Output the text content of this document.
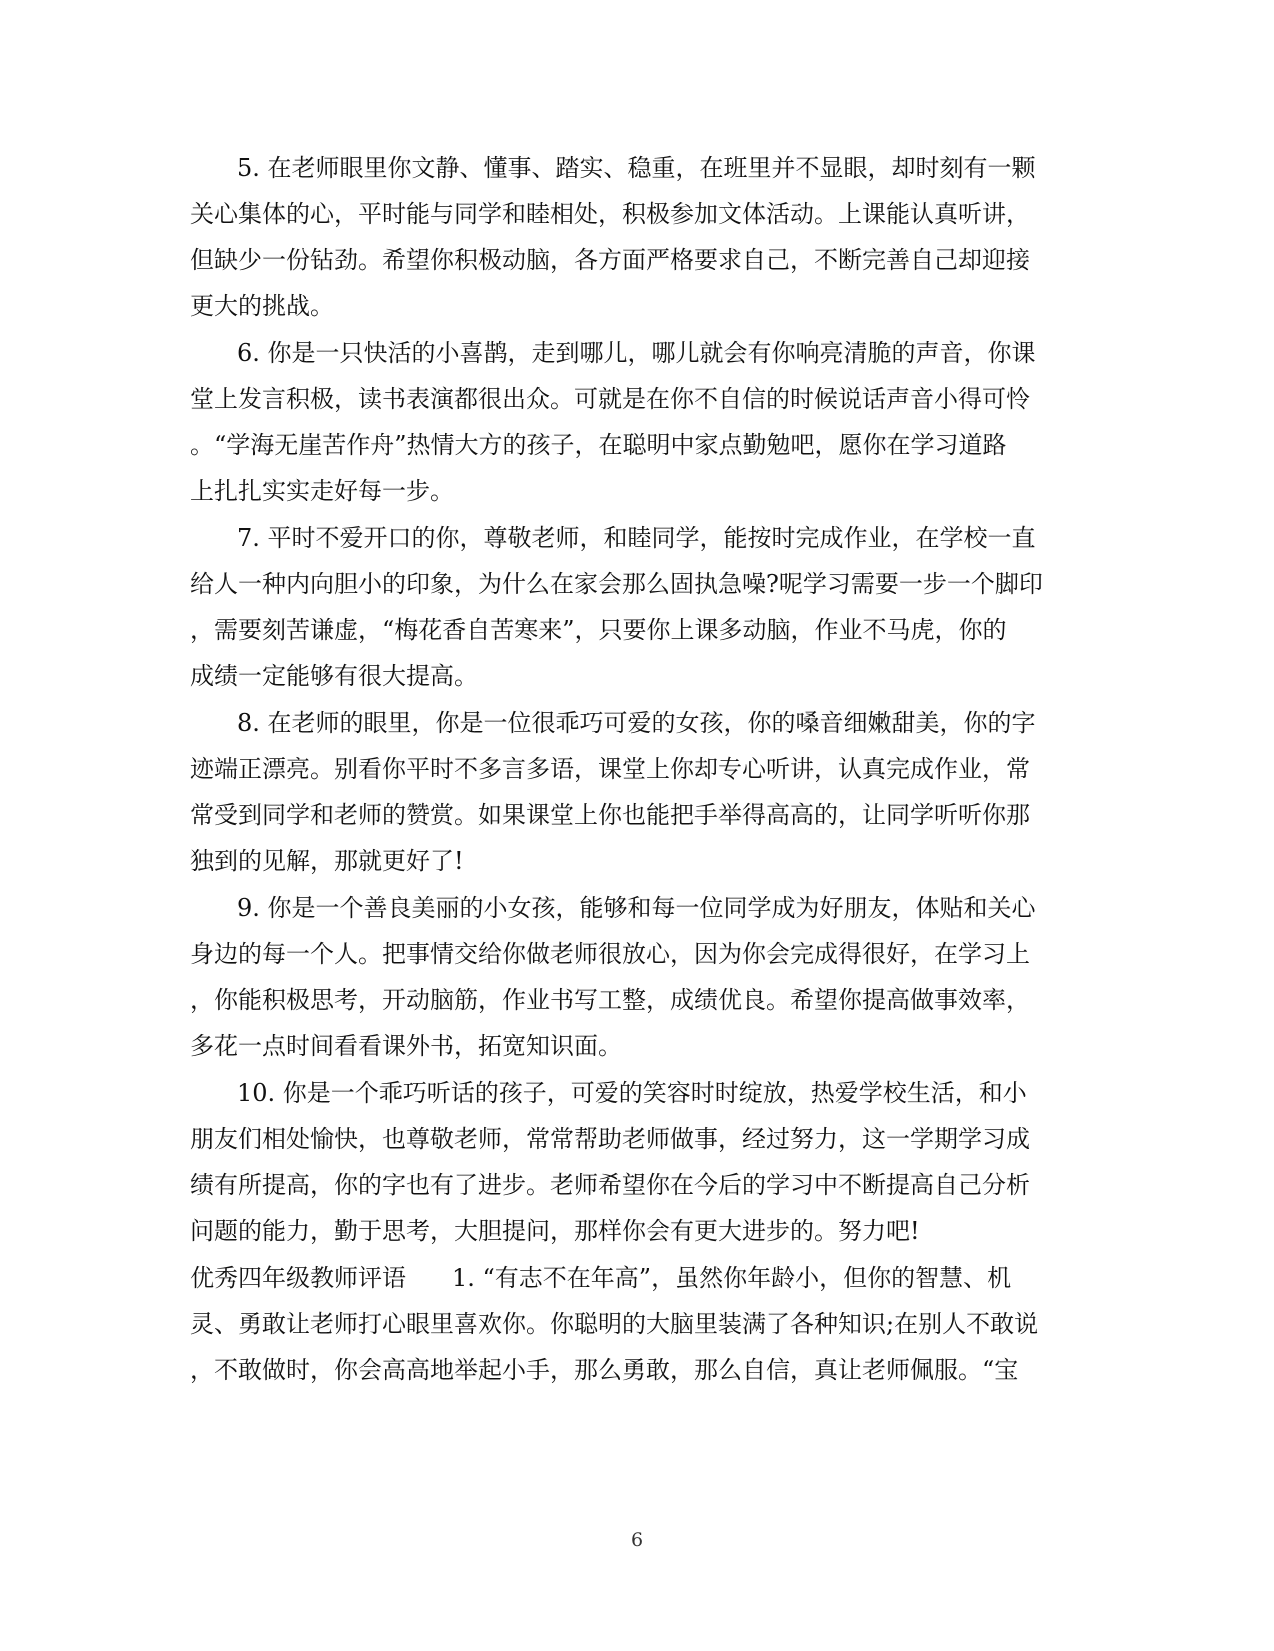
5. 在老师眼里你文静、懂事、踏实、稳重，在班里并不显眼，却时刻有一颗
关心集体的心，平时能与同学和睦相处，积极参加文体活动。上课能认真听讲，
但缺少一份钻劲。希望你积极动脑，各方面严格要求自己，不断完善自己却迎接
更大的挑战。
6. 你是一只快活的小喜鹊，走到哪儿，哪儿就会有你响亮清脆的声音，你课
堂上发言积极，读书表演都很出众。可就是在你不自信的时候说话声音小得可怜
。“学海无崖苦作舟”热情大方的孩子，在聪明中家点勤勉吧，愿你在学习道路
上扎扎实实走好每一步。
7. 平时不爱开口的你，尊敬老师，和睦同学，能按时完成作业，在学校一直
给人一种内向胆小的印象，为什么在家会那么固执急噪?呢学习需要一步一个脚印
，需要刻苦谦虚，“梅花香自苦寒来”，只要你上课多动脑，作业不马虎，你的
成绩一定能够有很大提高。
8. 在老师的眼里，你是一位很乖巧可爱的女孩，你的嗓音细嫩甜美，你的字
迹端正漂亮。别看你平时不多言多语，课堂上你却专心听讲，认真完成作业，常
常受到同学和老师的赞赏。如果课堂上你也能把手举得高高的，让同学听听你那
独到的见解，那就更好了!
9. 你是一个善良美丽的小女孩，能够和每一位同学成为好朋友，体贴和关心
身边的每一个人。把事情交给你做老师很放心，因为你会完成得很好，在学习上
，你能积极思考，开动脑筋，作业书写工整，成绩优良。希望你提高做事效率，
多花一点时间看看课外书，拓宽知识面。
10. 你是一个乖巧听话的孩子，可爱的笑容时时绽放，热爱学校生活，和小
朋友们相处愉快，也尊敬老师，常常帮助老师做事，经过努力，这一学期学习成
绩有所提高，你的字也有了进步。老师希望你在今后的学习中不断提高自己分析
问题的能力，勤于思考，大胆提问，那样你会有更大进步的。努力吧!
优秀四年级教师评语 1. “有志不在年高”，虽然你年龄小，但你的智慧、机
灵、勇敢让老师打心眼里喜欢你。你聪明的大脑里装满了各种知识;在别人不敢说
，不敢做时，你会高高地举起小手，那么勇敢，那么自信，真让老师佩服。“宝
6
